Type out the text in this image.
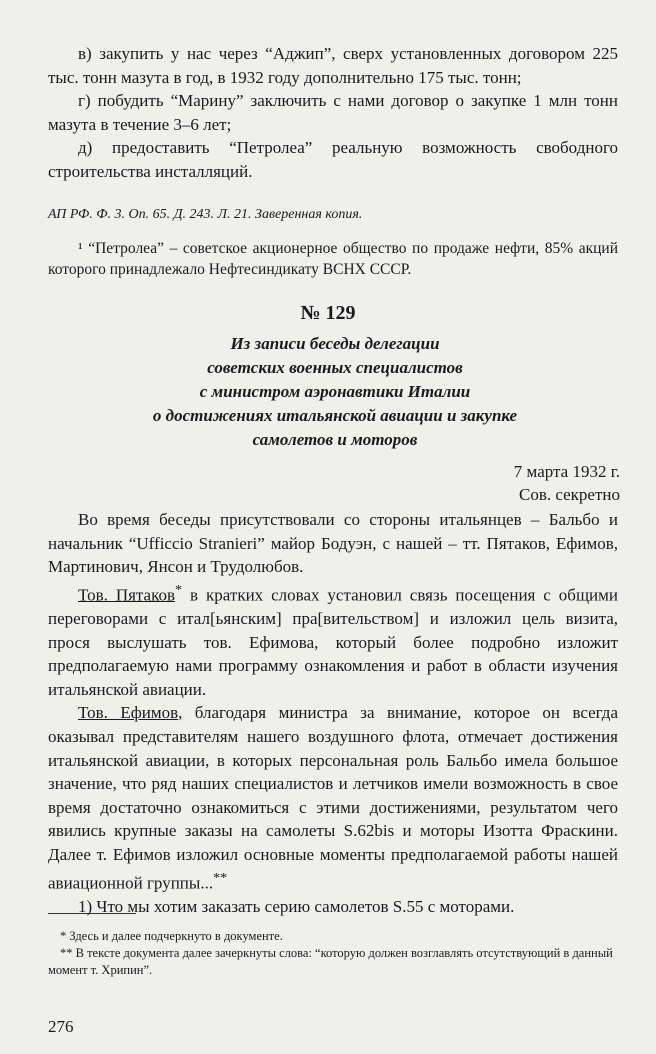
в) закупить у нас через “Аджип”, сверх установленных договором 225 тыс. тонн мазута в год, в 1932 году дополнительно 175 тыс. тонн;

г) побудить “Марину” заключить с нами договор о закупке 1 млн тонн мазута в течение 3–6 лет;

д) предоставить “Петролеа” реальную возможность свободного строительства инсталляций.

АП РФ. Ф. 3. Оп. 65. Д. 243. Л. 21. Заверенная копия.

¹ “Петролеа” – советское акционерное общество по продаже нефти, 85% акций которого принадлежало Нефтесиндикату ВСНХ СССР.

№ 129
Из записи беседы делегации
советских военных специалистов
с министром аэронавтики Италии
о достижениях итальянской авиации и закупке
самолетов и моторов
7 марта 1932 г.
Сов. секретно

Во время беседы присутствовали со стороны итальянцев – Бальбо и начальник “Ufficcio Stranieri” майор Бодуэн, с нашей – тт. Пятаков, Ефимов, Мартинович, Янсон и Трудолюбов.

Тов. Пятаков* в кратких словах установил связь посещения с общими переговорами с итал[ьянским] пра[вительством] и изложил цель визита, прося выслушать тов. Ефимова, который более подробно изложит предполагаемую нами программу ознакомления и работ в области изучения итальянской авиации.

Тов. Ефимов, благодаря министра за внимание, которое он всегда оказывал представителям нашего воздушного флота, отмечает достижения итальянской авиации, в которых персональная роль Бальбо имела большое значение, что ряд наших специалистов и летчиков имели возможность в свое время достаточно ознакомиться с этими достижениями, результатом чего явились крупные заказы на самолеты S.62bis и моторы Изотта Фраскини. Далее т. Ефимов изложил основные моменты предполагаемой работы нашей авиационной группы...**

1) Что мы хотим заказать серию самолетов S.55 с моторами.

* Здесь и далее подчеркнуто в документе.

** В тексте документа далее зачеркнуты слова: “которую должен возглавлять отсутствующий в данный момент т. Хрипин”.

276
